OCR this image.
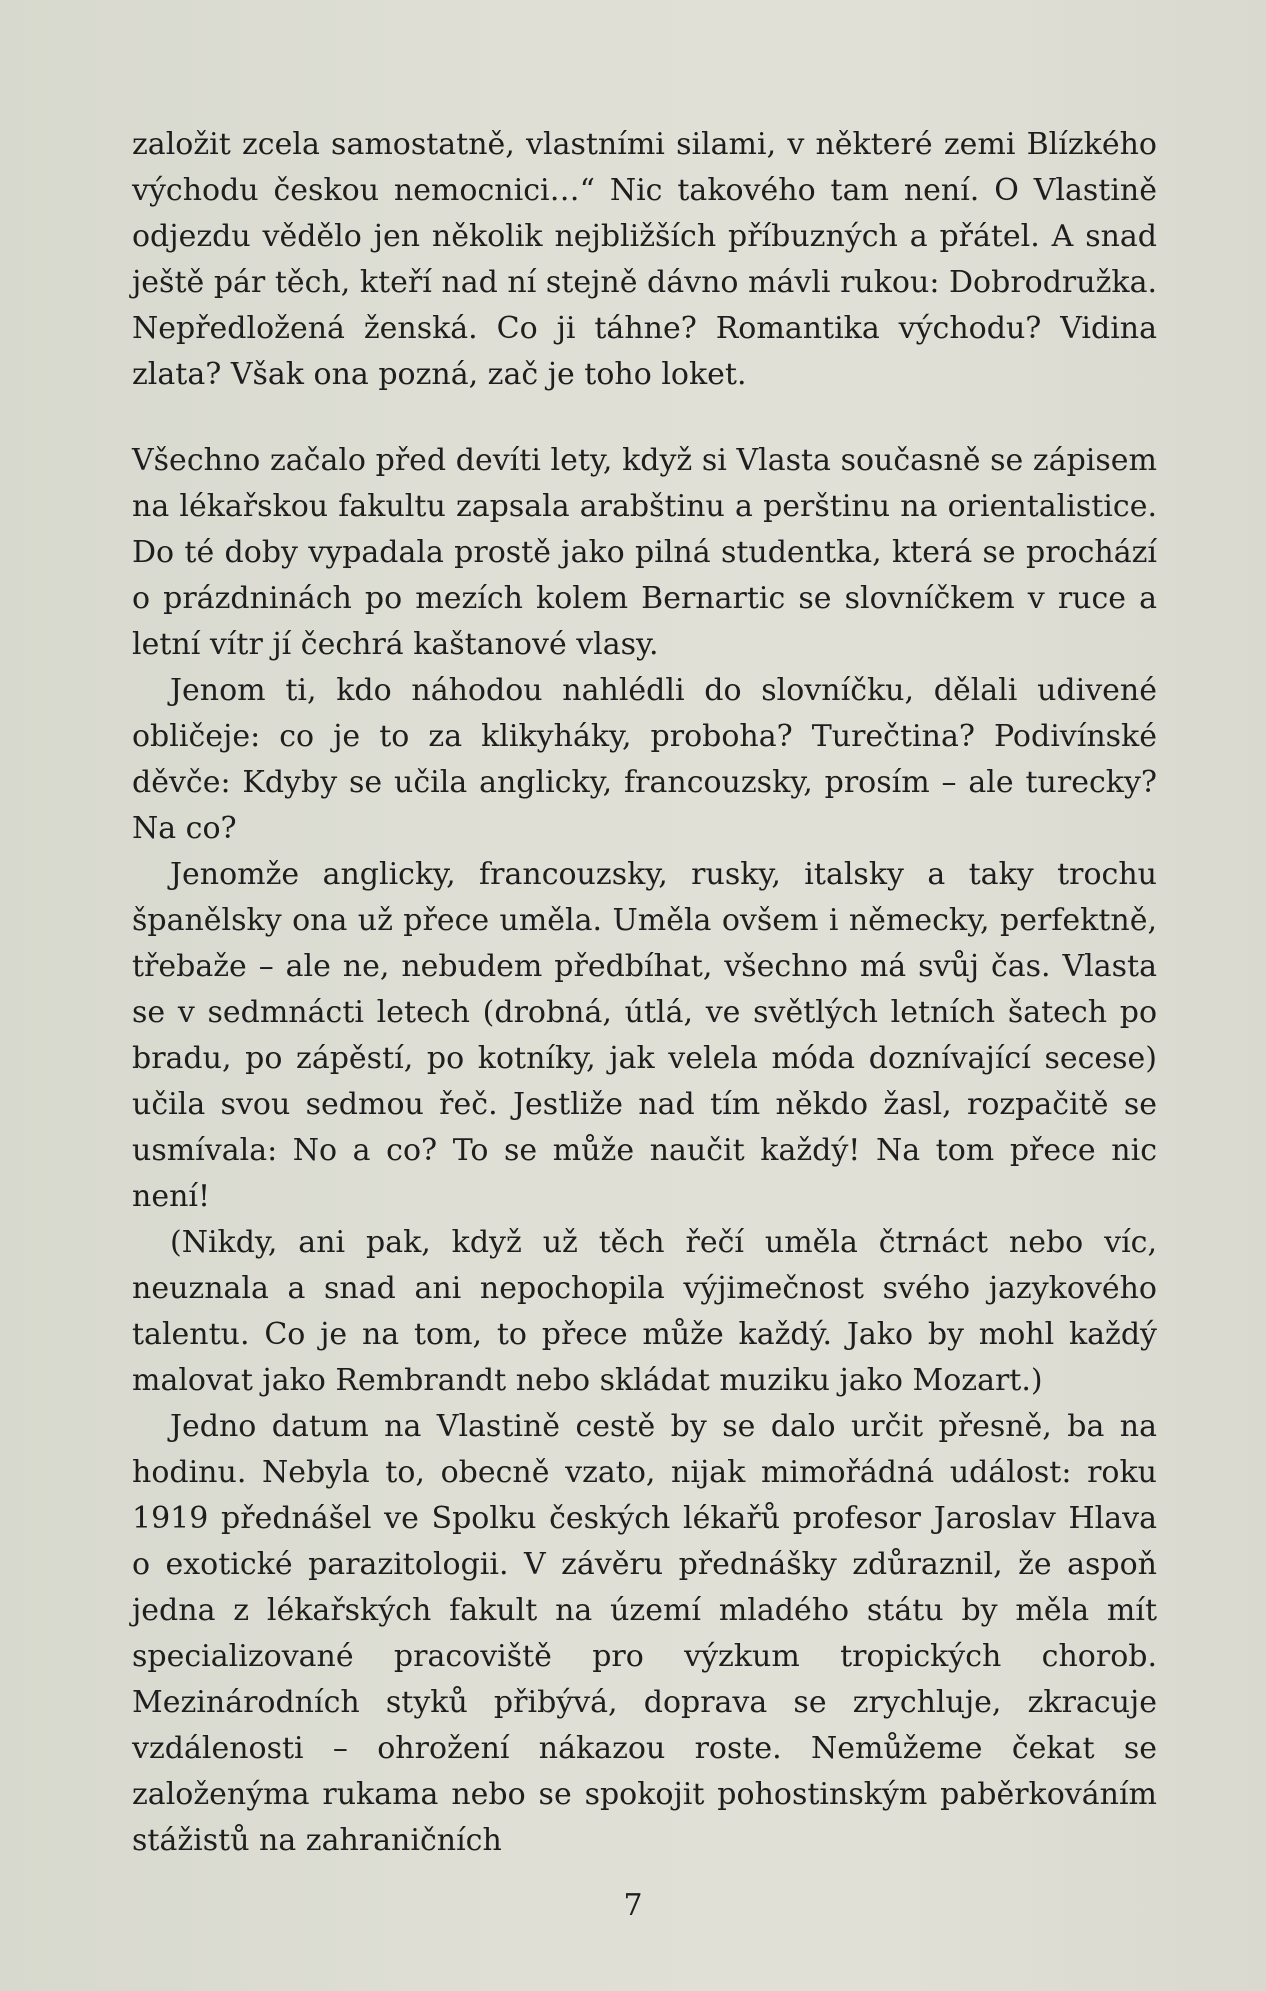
založit zcela samostatně, vlastními silami, v některé zemi Blízkého východu českou nemocnici…“ Nic takového tam není. O Vlastině odjezdu vědělo jen několik nejbližších příbuzných a přátel. A snad ještě pár těch, kteří nad ní stejně dávno mávli rukou: Dobrodružka. Nepředložená ženská. Co ji táhne? Romantika východu? Vidina zlata? Však ona pozná, zač je toho loket.

Všechno začalo před devíti lety, když si Vlasta současně se zápisem na lékařskou fakultu zapsala arabštinu a perštinu na orientalistice. Do té doby vypadala prostě jako pilná studentka, která se prochází o prázdninách po mezích kolem Bernartic se slovníčkem v ruce a letní vítr jí čechrá kaštanové vlasy.

Jenom ti, kdo náhodou nahlédli do slovníčku, dělali udivené obličeje: co je to za klikyháky, proboha? Turečtina? Podivínské děvče: Kdyby se učila anglicky, francouzsky, prosím – ale turecky? Na co?

Jenomže anglicky, francouzsky, rusky, italsky a taky trochu španělsky ona už přece uměla. Uměla ovšem i německy, perfektně, třebaže – ale ne, nebudem předbíhat, všechno má svůj čas. Vlasta se v sedmnácti letech (drobná, útlá, ve světlých letních šatech po bradu, po zápěstí, po kotníky, jak velela móda doznívající secese) učila svou sedmou řeč. Jestliže nad tím někdo žasl, rozpačitě se usmívala: No a co? To se může naučit každý! Na tom přece nic není!

(Nikdy, ani pak, když už těch řečí uměla čtrnáct nebo víc, neuznala a snad ani nepochopila výjimečnost svého jazykového talentu. Co je na tom, to přece může každý. Jako by mohl každý malovat jako Rembrandt nebo skládat muziku jako Mozart.)

Jedno datum na Vlastině cestě by se dalo určit přesně, ba na hodinu. Nebyla to, obecně vzato, nijak mimořádná událost: roku 1919 přednášel ve Spolku českých lékařů profesor Jaroslav Hlava o exotické parazitologii. V závěru přednášky zdůraznil, že aspoň jedna z lékařských fakult na území mladého státu by měla mít specializované pracoviště pro výzkum tropických chorob. Mezinárodních styků přibývá, doprava se zrychluje, zkracuje vzdálenosti – ohrožení nákazou roste. Nemůžeme čekat se založenýma rukama nebo se spokojit pohostinským paběrkováním stážistů na zahraničních

7
